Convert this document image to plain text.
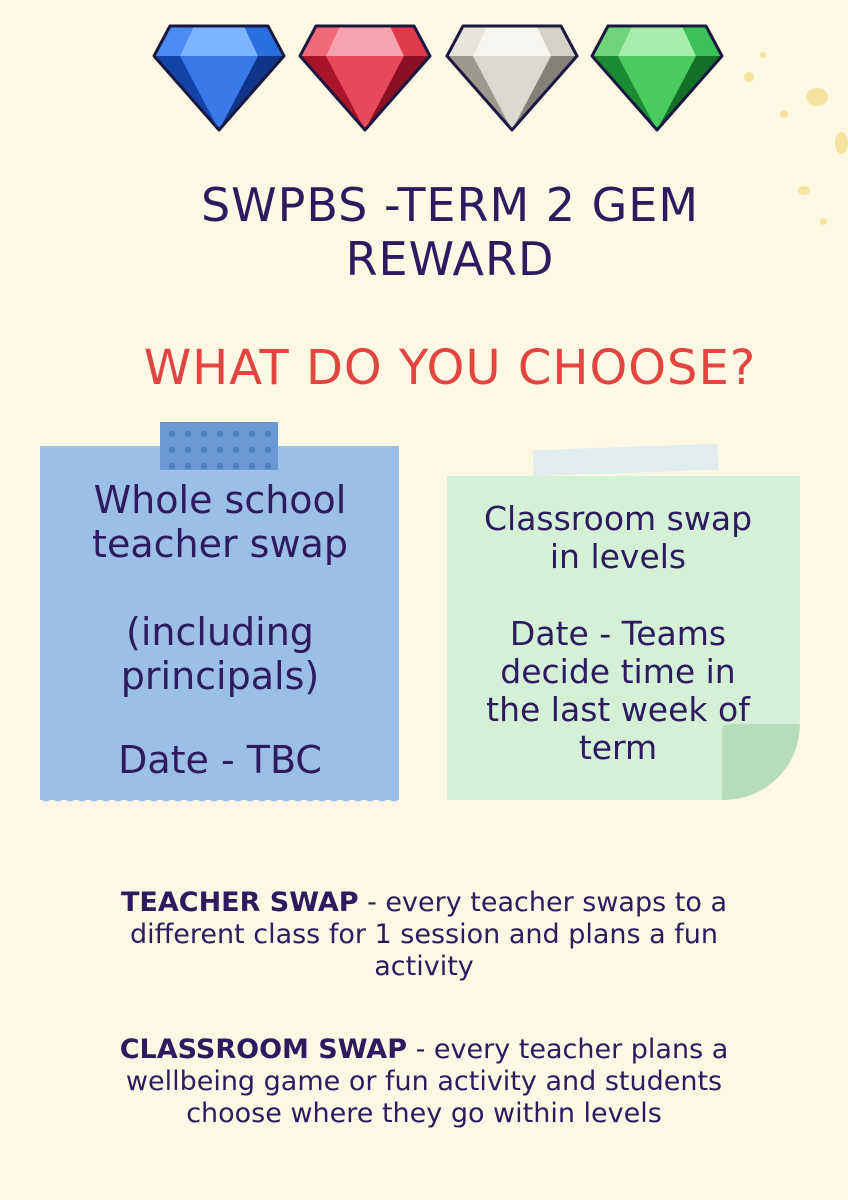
SWPBS -TERM 2 GEM REWARD
WHAT DO YOU CHOOSE?

Whole school

teacher swap

(including

principals)

Date - TBC

Classroom swap

in levels

Date - Teams

decide time in

the last week of

term

TEACHER SWAP - every teacher swaps to a

different class for 1 session and plans a fun

activity

CLASSROOM SWAP - every teacher plans a

wellbeing game or fun activity and students

choose where they go within levels
